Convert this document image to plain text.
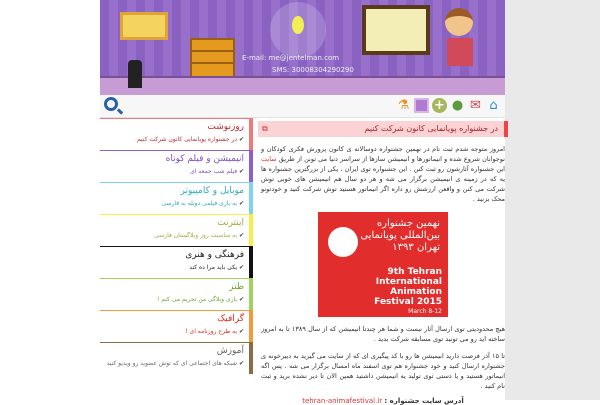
E-mail: me@jentelman.com
SMS: 30008304290290
⚗ + ● ✉ ⌂
روزنوشت
✔ در جشنواره پویانمایی کانون شرکت کنیم
انیمیشن و فیلم کوتاه
✔ فیلم شب جمعه ای
موبایل و کامپیوتر
✔ یه بازی فیلمی دوبله به فارسی
اینترنت
✔ به مناسبت روز وبلاگستان فارسی
فرهنگی و هنری
✔ یکی باید مرا ده کند
طنز
✔ بازی وبلاگی من تحریم می کنم !
گرافیک
✔ یه طرح روزنامه ای !
آموزش
✔ شبکه های اجتماعی ای که توش عضوید رو ویدیو کنید
در جشنواره پویانمایی کانون شرکت کنیم
⧉

امروز متوجه شدم ثبت نام در نهمین جشنواره دوسالانه ی کانون پرورش فکری کودکان و نوجوانان شروع شده و انیماتورها و انیمیشن سازها از سراسر دنیا می تونن از طریق سایت این جشنواره آثارشون رو ثبت کنن . این جشنواره توی ایران ، یکی از بزرگترین جشنواره ها یه که در زمینه ی انیمیشن برگزار می شه و هر دو سال هم انیمیشن های خوبی توش شرکت می کنن و واقعن ارزشش رو داره اگر انیماتور هستید توش شرکت کنید و خودتونو محک بزنید .

نهمین جشنواره بین‌المللی پویانمایی تهران ۱۳۹۳
9th Tehran
International
Animation
Festival 2015
March 8-12

هیچ محدودیتی توی ارسال آثار نیست و شما هر چندتا انیمیشن که از سال ۱۳۸۹ تا به امروز ساخته اید رو می تونید توی مسابقه شرکت بدید .

تا ۱۵ آذر فرصت دارید انیمیشن ها رو با کد پیگیری ای که از سایت می گیرید به دبیرخونه ی جشنواره ارسال کنید و خود جشنواره هم توی اسفند ماه امسال برگزار می شه . پس اگه انیماتور هستید و یا دستی توی تولید یه انیمیشن داشتید همین الان تا دیر نشده برید و ثبت نام کنید .

آدرس سایت جشنواره : tehran-animafestival.ir
